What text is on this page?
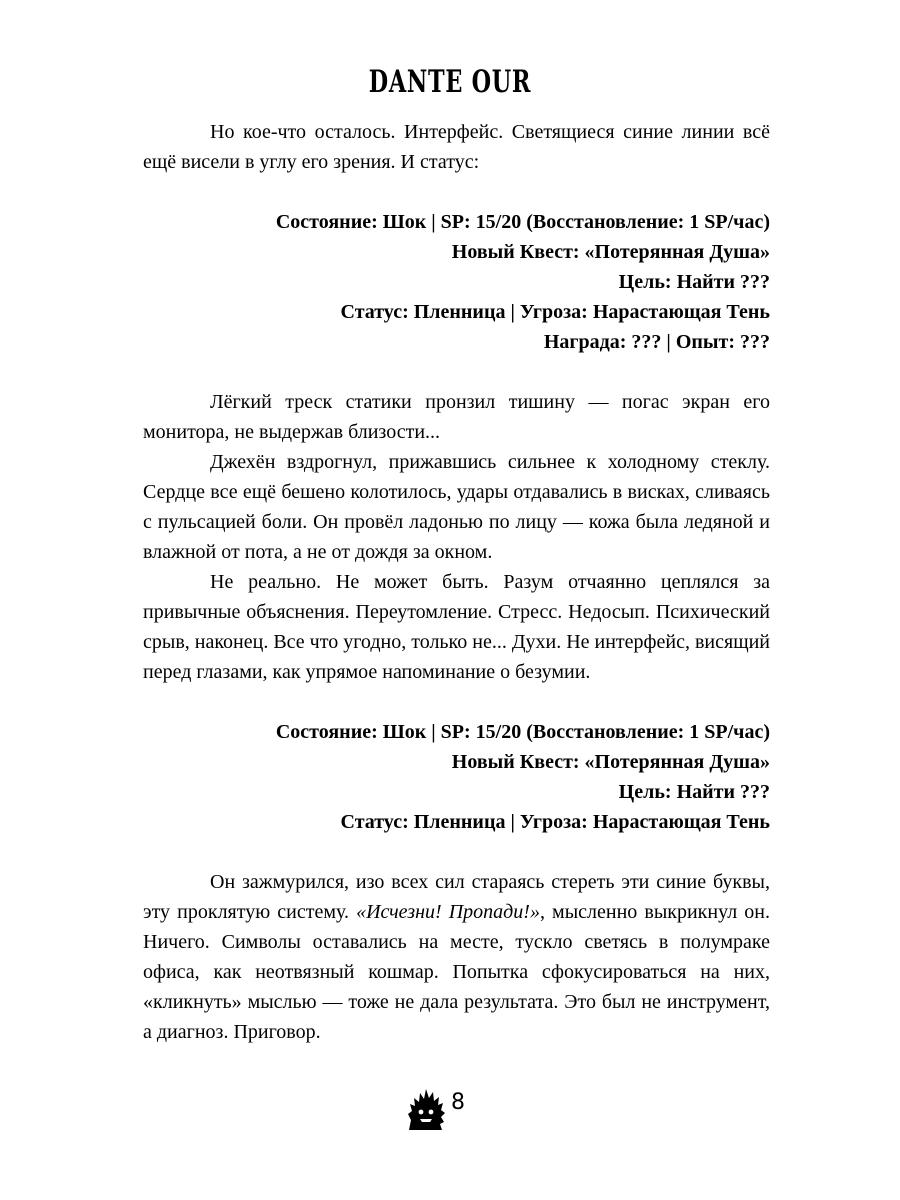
DANTE OUR

Но кое-что осталось. Интерфейс. Светящиеся синие линии всё ещё висели в углу его зрения. И статус:

Состояние: Шок | SP: 15/20 (Восстановление: 1 SP/час)
Новый Квест: «Потерянная Душа»
Цель: Найти ???
Статус: Пленница | Угроза: Нарастающая Тень
Награда: ??? | Опыт: ???

Лёгкий треск статики пронзил тишину — погас экран его монитора, не выдержав близости...

Джехён вздрогнул, прижавшись сильнее к холодному стеклу. Сердце все ещё бешено колотилось, удары отдавались в висках, сливаясь с пульсацией боли. Он провёл ладонью по лицу — кожа была ледяной и влажной от пота, а не от дождя за окном.

Не реально. Не может быть. Разум отчаянно цеплялся за привычные объяснения. Переутомление. Стресс. Недосып. Психический срыв, наконец. Все что угодно, только не... Духи. Не интерфейс, висящий перед глазами, как упрямое напоминание о безумии.

Состояние: Шок | SP: 15/20 (Восстановление: 1 SP/час)
Новый Квест: «Потерянная Душа»
Цель: Найти ???
Статус: Пленница | Угроза: Нарастающая Тень

Он зажмурился, изо всех сил стараясь стереть эти синие буквы, эту проклятую систему. «Исчезни! Пропади!», мысленно выкрикнул он. Ничего. Символы оставались на месте, тускло светясь в полумраке офиса, как неотвязный кошмар. Попытка сфокусироваться на них, «кликнуть» мыслью — тоже не дала результата. Это был не инструмент, а диагноз. Приговор.

8
